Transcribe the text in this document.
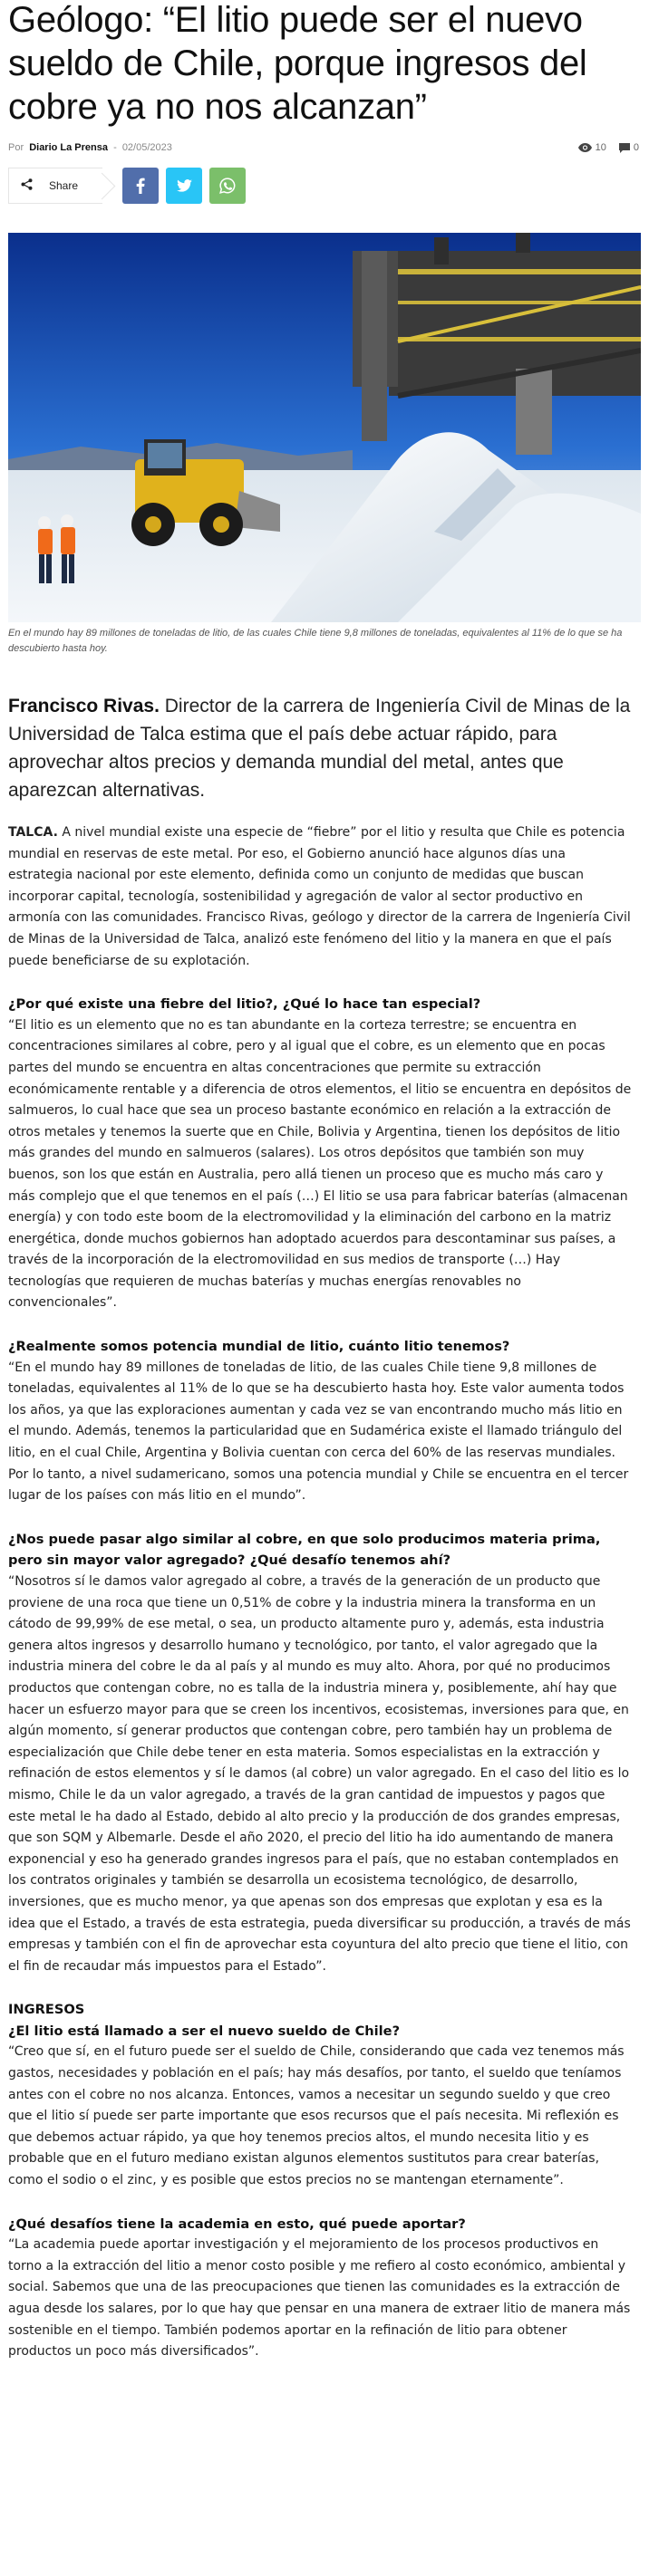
Geólogo: “El litio puede ser el nuevo sueldo de Chile, porque ingresos del cobre ya no nos alcanzan”
Por Diario La Prensa - 02/05/2023	10	0
Share

En el mundo hay 89 millones de toneladas de litio, de las cuales Chile tiene 9,8 millones de toneladas, equivalentes al 11% de lo que se ha descubierto hasta hoy.

Francisco Rivas. Director de la carrera de Ingeniería Civil de Minas de la Universidad de Talca estima que el país debe actuar rápido, para aprovechar altos precios y demanda mundial del metal, antes que aparezcan alternativas.

TALCA. A nivel mundial existe una especie de “fiebre” por el litio y resulta que Chile es potencia mundial en reservas de este metal. Por eso, el Gobierno anunció hace algunos días una estrategia nacional por este elemento, definida como un conjunto de medidas que buscan incorporar capital, tecnología, sostenibilidad y agregación de valor al sector productivo en armonía con las comunidades. Francisco Rivas, geólogo y director de la carrera de Ingeniería Civil de Minas de la Universidad de Talca, analizó este fenómeno del litio y la manera en que el país puede beneficiarse de su explotación.

¿Por qué existe una fiebre del litio?, ¿Qué lo hace tan especial?

“El litio es un elemento que no es tan abundante en la corteza terrestre; se encuentra en concentraciones similares al cobre, pero y al igual que el cobre, es un elemento que en pocas partes del mundo se encuentra en altas concentraciones que permite su extracción económicamente rentable y a diferencia de otros elementos, el litio se encuentra en depósitos de salmueros, lo cual hace que sea un proceso bastante económico en relación a la extracción de otros metales y tenemos la suerte que en Chile, Bolivia y Argentina, tienen los depósitos de litio más grandes del mundo en salmueros (salares). Los otros depósitos que también son muy buenos, son los que están en Australia, pero allá tienen un proceso que es mucho más caro y más complejo que el que tenemos en el país (…) El litio se usa para fabricar baterías (almacenan energía) y con todo este boom de la electromovilidad y la eliminación del carbono en la matriz energética, donde muchos gobiernos han adoptado acuerdos para descontaminar sus países, a través de la incorporación de la electromovilidad en sus medios de transporte (…) Hay tecnologías que requieren de muchas baterías y muchas energías renovables no convencionales”.

¿Realmente somos potencia mundial de litio, cuánto litio tenemos?

“En el mundo hay 89 millones de toneladas de litio, de las cuales Chile tiene 9,8 millones de toneladas, equivalentes al 11% de lo que se ha descubierto hasta hoy. Este valor aumenta todos los años, ya que las exploraciones aumentan y cada vez se van encontrando mucho más litio en el mundo. Además, tenemos la particularidad que en Sudamérica existe el llamado triángulo del litio, en el cual Chile, Argentina y Bolivia cuentan con cerca del 60% de las reservas mundiales. Por lo tanto, a nivel sudamericano, somos una potencia mundial y Chile se encuentra en el tercer lugar de los países con más litio en el mundo”.

¿Nos puede pasar algo similar al cobre, en que solo producimos materia prima, pero sin mayor valor agregado? ¿Qué desafío tenemos ahí?

“Nosotros sí le damos valor agregado al cobre, a través de la generación de un producto que proviene de una roca que tiene un 0,51% de cobre y la industria minera la transforma en un cátodo de 99,99% de ese metal, o sea, un producto altamente puro y, además, esta industria genera altos ingresos y desarrollo humano y tecnológico, por tanto, el valor agregado que la industria minera del cobre le da al país y al mundo es muy alto. Ahora, por qué no producimos productos que contengan cobre, no es talla de la industria minera y, posiblemente, ahí hay que hacer un esfuerzo mayor para que se creen los incentivos, ecosistemas, inversiones para que, en algún momento, sí generar productos que contengan cobre, pero también hay un problema de especialización que Chile debe tener en esta materia. Somos especialistas en la extracción y refinación de estos elementos y sí le damos (al cobre) un valor agregado. En el caso del litio es lo mismo, Chile le da un valor agregado, a través de la gran cantidad de impuestos y pagos que este metal le ha dado al Estado, debido al alto precio y la producción de dos grandes empresas, que son SQM y Albemarle. Desde el año 2020, el precio del litio ha ido aumentando de manera exponencial y eso ha generado grandes ingresos para el país, que no estaban contemplados en los contratos originales y también se desarrolla un ecosistema tecnológico, de desarrollo, inversiones, que es mucho menor, ya que apenas son dos empresas que explotan y esa es la idea que el Estado, a través de esta estrategia, pueda diversificar su producción, a través de más empresas y también con el fin de aprovechar esta coyuntura del alto precio que tiene el litio, con el fin de recaudar más impuestos para el Estado”.

INGRESOS

¿El litio está llamado a ser el nuevo sueldo de Chile?

“Creo que sí, en el futuro puede ser el sueldo de Chile, considerando que cada vez tenemos más gastos, necesidades y población en el país; hay más desafíos, por tanto, el sueldo que teníamos antes con el cobre no nos alcanza. Entonces, vamos a necesitar un segundo sueldo y que creo que el litio sí puede ser parte importante que esos recursos que el país necesita. Mi reflexión es que debemos actuar rápido, ya que hoy tenemos precios altos, el mundo necesita litio y es probable que en el futuro mediano existan algunos elementos sustitutos para crear baterías, como el sodio o el zinc, y es posible que estos precios no se mantengan eternamente”.

¿Qué desafíos tiene la academia en esto, qué puede aportar?

“La academia puede aportar investigación y el mejoramiento de los procesos productivos en torno a la extracción del litio a menor costo posible y me refiero al costo económico, ambiental y social. Sabemos que una de las preocupaciones que tienen las comunidades es la extracción de agua desde los salares, por lo que hay que pensar en una manera de extraer litio de manera más sostenible en el tiempo. También podemos aportar en la refinación de litio para obtener productos un poco más diversificados”.
